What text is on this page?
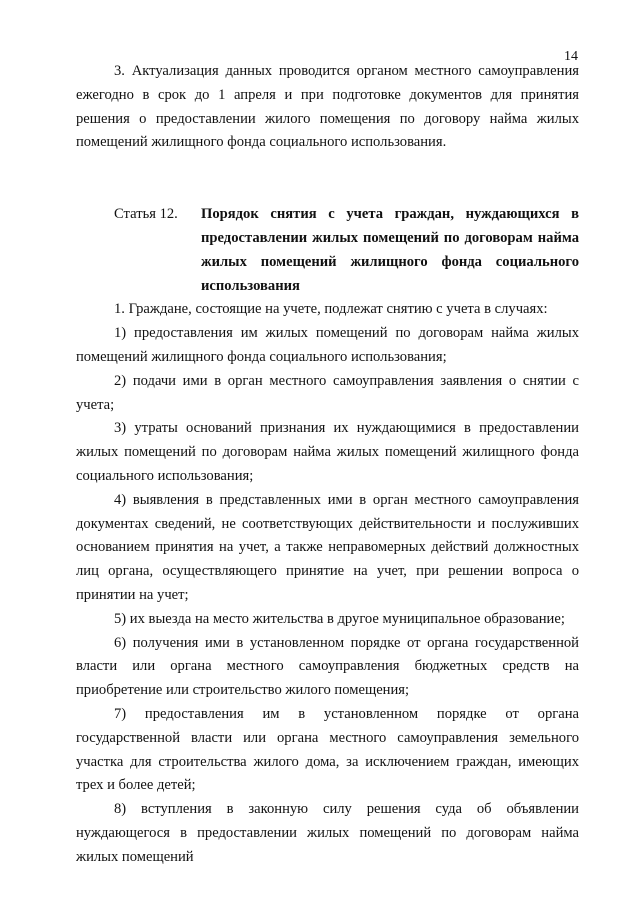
14

3. Актуализация данных проводится органом местного самоуправления ежегодно в срок до 1 апреля и при подготовке документов для принятия решения о предоставлении жилого помещения по договору найма жилых помещений жилищного фонда социального использования.

Статья 12.	Порядок снятия с учета граждан, нуждающихся в предоставлении жилых помещений по договорам найма жилых помещений жилищного фонда социального использования

1. Граждане, состоящие на учете, подлежат снятию с учета в случаях:

1) предоставления им жилых помещений по договорам найма жилых помещений жилищного фонда социального использования;

2) подачи ими в орган местного самоуправления заявления о снятии с учета;

3) утраты оснований признания их нуждающимися в предоставлении жилых помещений по договорам найма жилых помещений жилищного фонда социального использования;

4) выявления в представленных ими в орган местного самоуправления документах сведений, не соответствующих действительности и послуживших основанием принятия на учет, а также неправомерных действий должностных лиц органа, осуществляющего принятие на учет, при решении вопроса о принятии на учет;

5) их выезда на место жительства в другое муниципальное образование;

6) получения ими в установленном порядке от органа государственной власти или органа местного самоуправления бюджетных средств на приобретение или строительство жилого помещения;

7) предоставления им в установленном порядке от органа государственной власти или органа местного самоуправления земельного участка для строительства жилого дома, за исключением граждан, имеющих трех и более детей;

8) вступления в законную силу решения суда об объявлении нуждающегося в предоставлении жилых помещений по договорам найма жилых помещений
